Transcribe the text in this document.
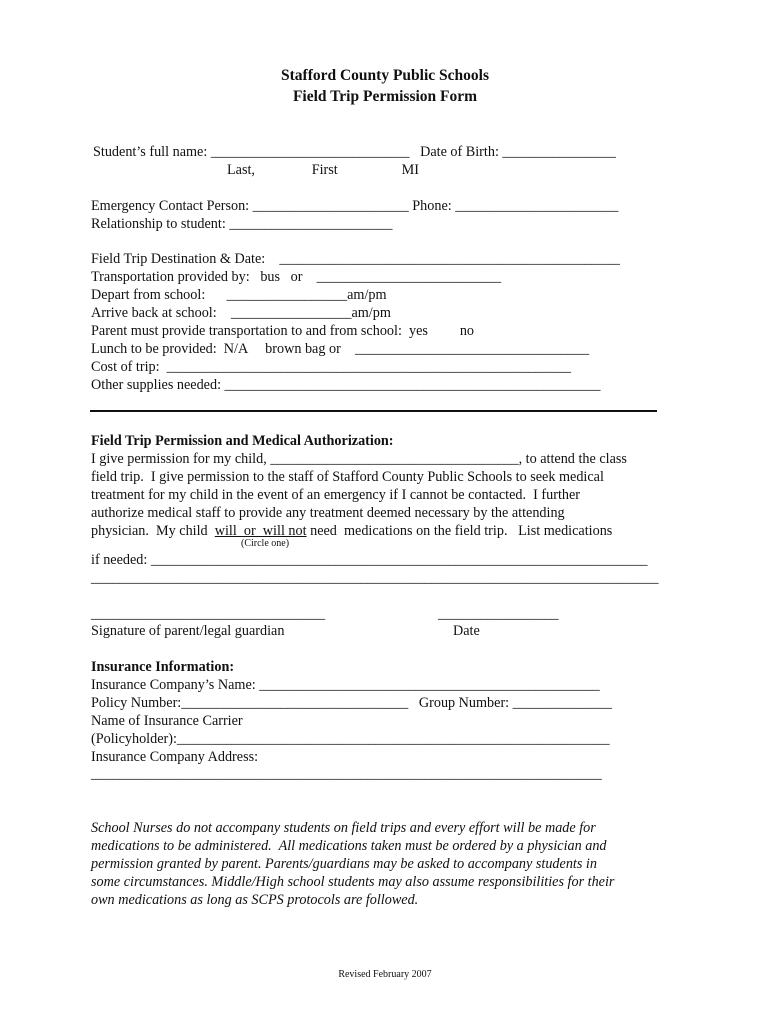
Stafford County Public Schools
Field Trip Permission Form
Student’s full name: ____________________________   Date of Birth: ________________
Last,                First                  MI
Emergency Contact Person: ______________________ Phone: _______________________
Relationship to student: _______________________
Field Trip Destination & Date:    ________________________________________________
Transportation provided by:   bus   or    __________________________
Depart from school:      _________________am/pm
Arrive back at school:    _________________am/pm
Parent must provide transportation to and from school:  yes         no
Lunch to be provided:  N/A     brown bag or    _________________________________
Cost of trip:  _________________________________________________________
Other supplies needed: _____________________________________________________
Field Trip Permission and Medical Authorization:
I give permission for my child, ___________________________________, to attend the class
field trip.  I give permission to the staff of Stafford County Public Schools to seek medical
treatment for my child in the event of an emergency if I cannot be contacted.  I further
authorize medical staff to provide any treatment deemed necessary by the attending
physician.  My child  will  or  will not need  medications on the field trip.   List medications
(Circle one)
if needed: ______________________________________________________________________
________________________________________________________________________________
_________________________________	_________________
Signature of parent/legal guardian	Date
Insurance Information:
Insurance Company’s Name: ________________________________________________
Policy Number:________________________________   Group Number: ______________
Name of Insurance Carrier
(Policyholder):_____________________________________________________________
Insurance Company Address:
________________________________________________________________________
School Nurses do not accompany students on field trips and every effort will be made for
medications to be administered.  All medications taken must be ordered by a physician and
permission granted by parent. Parents/guardians may be asked to accompany students in
some circumstances. Middle/High school students may also assume responsibilities for their
own medications as long as SCPS protocols are followed.
Revised February 2007
